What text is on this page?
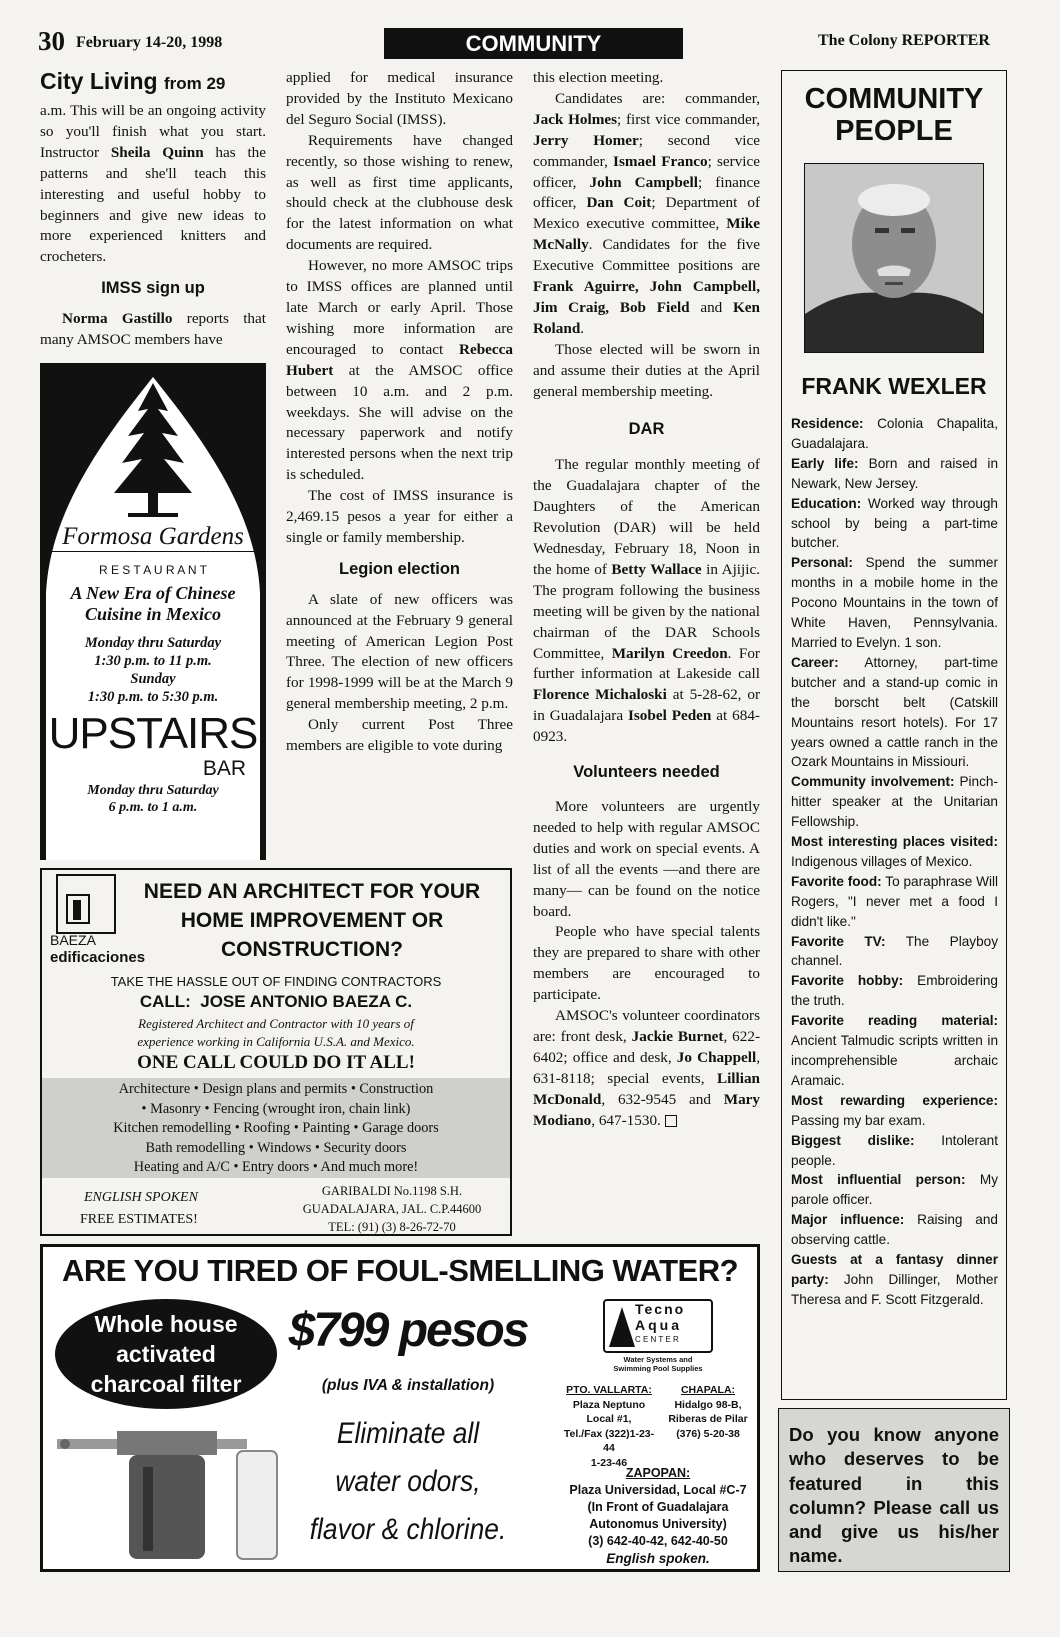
30 February 14-20, 1998	COMMUNITY	The Colony REPORTER
City Living from 29

a.m. This will be an ongoing activity so you'll finish what you start. Instructor Sheila Quinn has the patterns and she'll teach this interesting and useful hobby to beginners and give new ideas to more experienced knitters and crocheters.

IMSS sign up

Norma Gastillo reports that many AMSOC members have

Formosa Gardens
R E S T A U R A N T
A New Era of Chinese
Cuisine in Mexico
Monday thru Saturday
1:30 p.m. to 11 p.m.
Sunday
1:30 p.m. to 5:30 p.m.
UPSTAIRS
BAR
Monday thru Saturday
6 p.m. to 1 a.m.
Av. Union 322 (corner of Gpe. Zuno)
615-74-15, 615-78-11, 615-23-26

applied for medical insurance provided by the Instituto Mexicano del Seguro Social (IMSS).

Requirements have changed recently, so those wishing to renew, as well as first time applicants, should check at the clubhouse desk for the latest information on what documents are required.

However, no more AMSOC trips to IMSS offices are planned until late March or early April. Those wishing more information are encouraged to contact Rebecca Hubert at the AMSOC office between 10 a.m. and 2 p.m. weekdays. She will advise on the necessary paperwork and notify interested persons when the next trip is scheduled.

The cost of IMSS insurance is 2,469.15 pesos a year for either a single or family membership.

Legion election

A slate of new officers was announced at the February 9 general meeting of American Legion Post Three. The election of new officers for 1998-1999 will be at the March 9 general membership meeting, 2 p.m.

Only current Post Three members are eligible to vote during

this election meeting.

Candidates are: commander, Jack Holmes; first vice commander, Jerry Homer; second vice commander, Ismael Franco; service officer, John Campbell; finance officer, Dan Coit; Department of Mexico executive committee, Mike McNally. Candidates for the five Executive Committee positions are Frank Aguirre, John Campbell, Jim Craig, Bob Field and Ken Roland.

Those elected will be sworn in and assume their duties at the April general membership meeting.

DAR

The regular monthly meeting of the Guadalajara chapter of the Daughters of the American Revolution (DAR) will be held Wednesday, February 18, Noon in the home of Betty Wallace in Ajijic. The program following the business meeting will be given by the national chairman of the DAR Schools Committee, Marilyn Creedon. For further information at Lakeside call Florence Michaloski at 5-28-62, or in Guadalajara Isobel Peden at 684-0923.

Volunteers needed

More volunteers are urgently needed to help with regular AMSOC duties and work on special events. A list of all the events —and there are many— can be found on the notice board.

People who have special talents they are prepared to share with other members are encouraged to participate.

AMSOC's volunteer coordinators are: front desk, Jackie Burnet, 622-6402; office and desk, Jo Chappell, 631-8118; special events, Lillian McDonald, 632-9545 and Mary Modiano, 647-1530.

COMMUNITY
PEOPLE
FRANK WEXLER

Residence: Colonia Chapalita, Guadalajara.

Early life: Born and raised in Newark, New Jersey.

Education: Worked way through school by being a part-time butcher.

Personal: Spend the summer months in a mobile home in the Pocono Mountains in the town of White Haven, Pennsylvania. Married to Evelyn. 1 son.

Career: Attorney, part-time butcher and a stand-up comic in the borscht belt (Catskill Mountains resort hotels). For 17 years owned a cattle ranch in the Ozark Mountains in Missiouri.

Community involvement: Pinch-hitter speaker at the Unitarian Fellowship.

Most interesting places visited: Indigenous villages of Mexico.

Favorite food: To paraphrase Will Rogers, "I never met a food I didn't like."

Favorite TV: The Playboy channel.

Favorite hobby: Embroidering the truth.

Favorite reading material: Ancient Talmudic scripts written in incomprehensible archaic Aramaic.

Most rewarding experience: Passing my bar exam.

Biggest dislike: Intolerant people.

Most influential person: My parole officer.

Major influence: Raising and observing cattle.

Guests at a fantasy dinner party: John Dillinger, Mother Theresa and F. Scott Fitzgerald.

Do you know anyone who deserves to be featured in this column? Please call us and give us his/her name.
BAEZA
edificaciones
NEED AN ARCHITECT FOR YOUR
HOME IMPROVEMENT OR
CONSTRUCTION?
TAKE THE HASSLE OUT OF FINDING CONTRACTORS
CALL:  JOSE ANTONIO BAEZA C.
Registered Architect and Contractor with 10 years of
experience working in California U.S.A. and Mexico.
ONE CALL COULD DO IT ALL!
Architecture • Design plans and permits • Construction
• Masonry • Fencing (wrought iron, chain link)
Kitchen remodelling • Roofing • Painting • Garage doors
Bath remodelling • Windows • Security doors
Heating and A/C • Entry doors • And much more!
ENGLISH SPOKEN
FREE ESTIMATES!
GARIBALDI No.1198 S.H.
GUADALAJARA, JAL. C.P.44600
TEL: (91) (3) 8-26-72-70
ARE YOU TIRED OF FOUL-SMELLING WATER?
Whole house
activated
charcoal filter
$799 pesos
(plus IVA & installation)
Eliminate all
water odors,
flavor & chlorine.
Tecno
Aqua
C E N T E R
Water Systems and
Swimming Pool Supplies
PTO. VALLARTA:
Plaza Neptuno
Local #1,
Tel./Fax (322)1-23-44
1-23-46
CHAPALA:
Hidalgo 98-B,
Riberas de Pilar
(376) 5-20-38
ZAPOPAN:
Plaza Universidad, Local #C-7
(In Front of Guadalajara
Autonomus University)
(3) 642-40-42, 642-40-50
English spoken.
